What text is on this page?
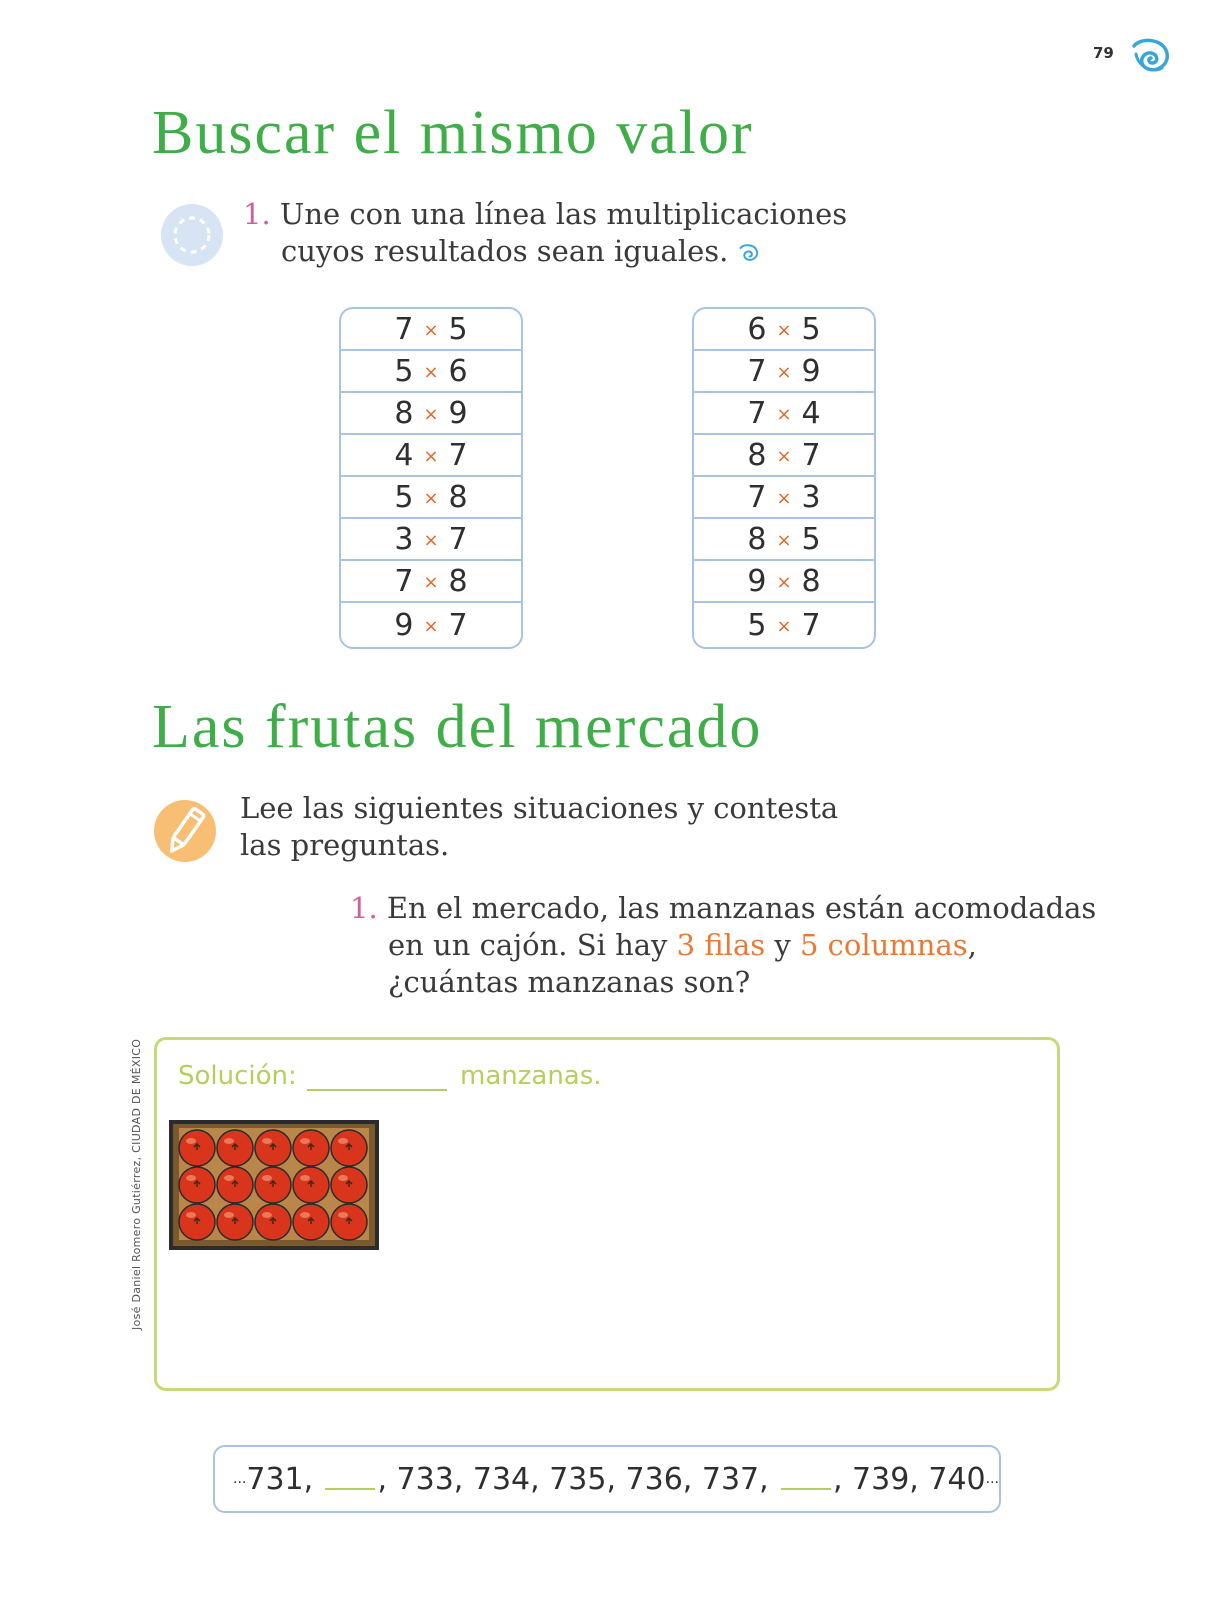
79
Buscar el mismo valor
1. Une con una línea las multiplicaciones
cuyos resultados sean iguales.
7 × 5
5 × 6
8 × 9
4 × 7
5 × 8
3 × 7
7 × 8
9 × 7
6 × 5
7 × 9
7 × 4
8 × 7
7 × 3
8 × 5
9 × 8
5 × 7
Las frutas del mercado
Lee las siguientes situaciones y contesta
las preguntas.
1. En el mercado, las manzanas están acomodadas
en un cajón. Si hay 3 filas y 5 columnas,
¿cuántas manzanas son?
Solución:	manzanas.
José Daniel Romero Gutiérrez, CIUDAD DE MÉXICO
... 731, , 733, 734, 735, 736, 737, , 739, 740 ...
